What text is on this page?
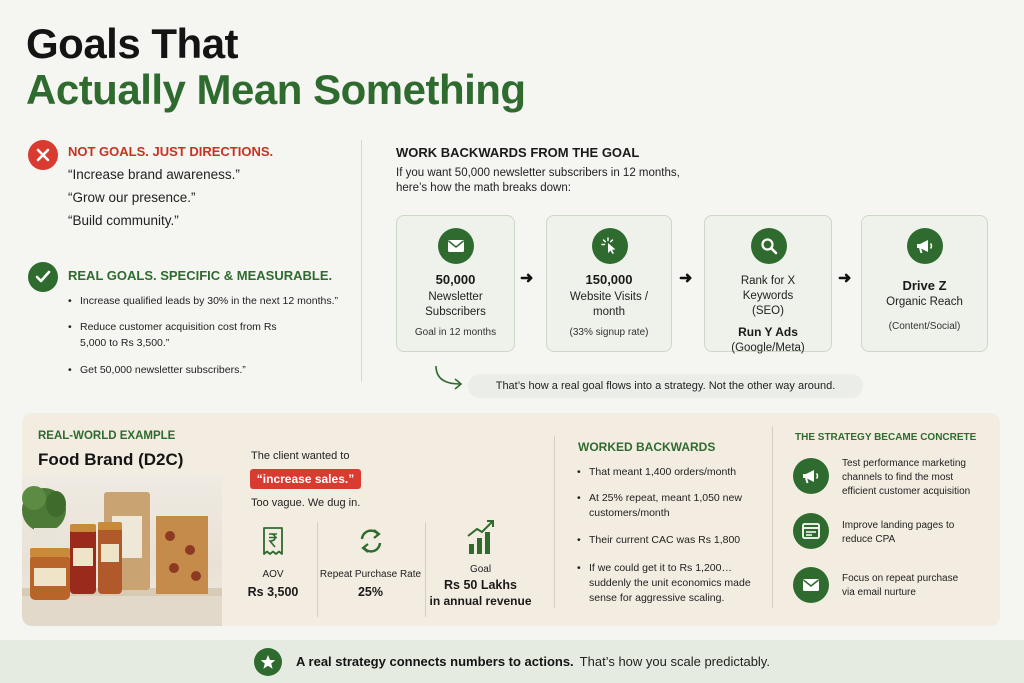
Goals That
Actually Mean Something
NOT GOALS. JUST DIRECTIONS.
“Increase brand awareness.”
“Grow our presence.”
“Build community.”
REAL GOALS. SPECIFIC & MEASURABLE.
• Increase qualified leads by 30% in the next 12 months.”
• Reduce customer acquisition cost from Rs 5,000 to Rs 3,500.”
• Get 50,000 newsletter subscribers.”
WORK BACKWARDS FROM THE GOAL
If you want 50,000 newsletter subscribers in 12 months, here’s how the math breaks down:
50,000
Newsletter Subscribers
Goal in 12 months
➜	150,000
Website Visits / month
(33% signup rate)
➜	Rank for X Keywords (SEO)
Run Y Ads
(Google/Meta)
➜	Drive Z
Organic Reach
(Content/Social)
That’s how a real goal flows into a strategy. Not the other way around.
REAL-WORLD EXAMPLE
Food Brand (D2C)	The client wanted to
“increase sales.”
Too vague. We dug in.
AOV
Rs 3,500
Repeat Purchase Rate
25%
Goal
Rs 50 Lakhs
in annual revenue
WORKED BACKWARDS
• That meant 1,400 orders/month
• At 25% repeat, meant 1,050 new customers/month
• Their current CAC was Rs 1,800
• If we could get it to Rs 1,200… suddenly the unit economics made sense for aggressive scaling.
THE STRATEGY BECAME CONCRETE
Test performance marketing channels to find the most efficient customer acquisition
Improve landing pages to reduce CPA
Focus on repeat purchase via email nurture
A real strategy connects numbers to actions. That’s how you scale predictably.
